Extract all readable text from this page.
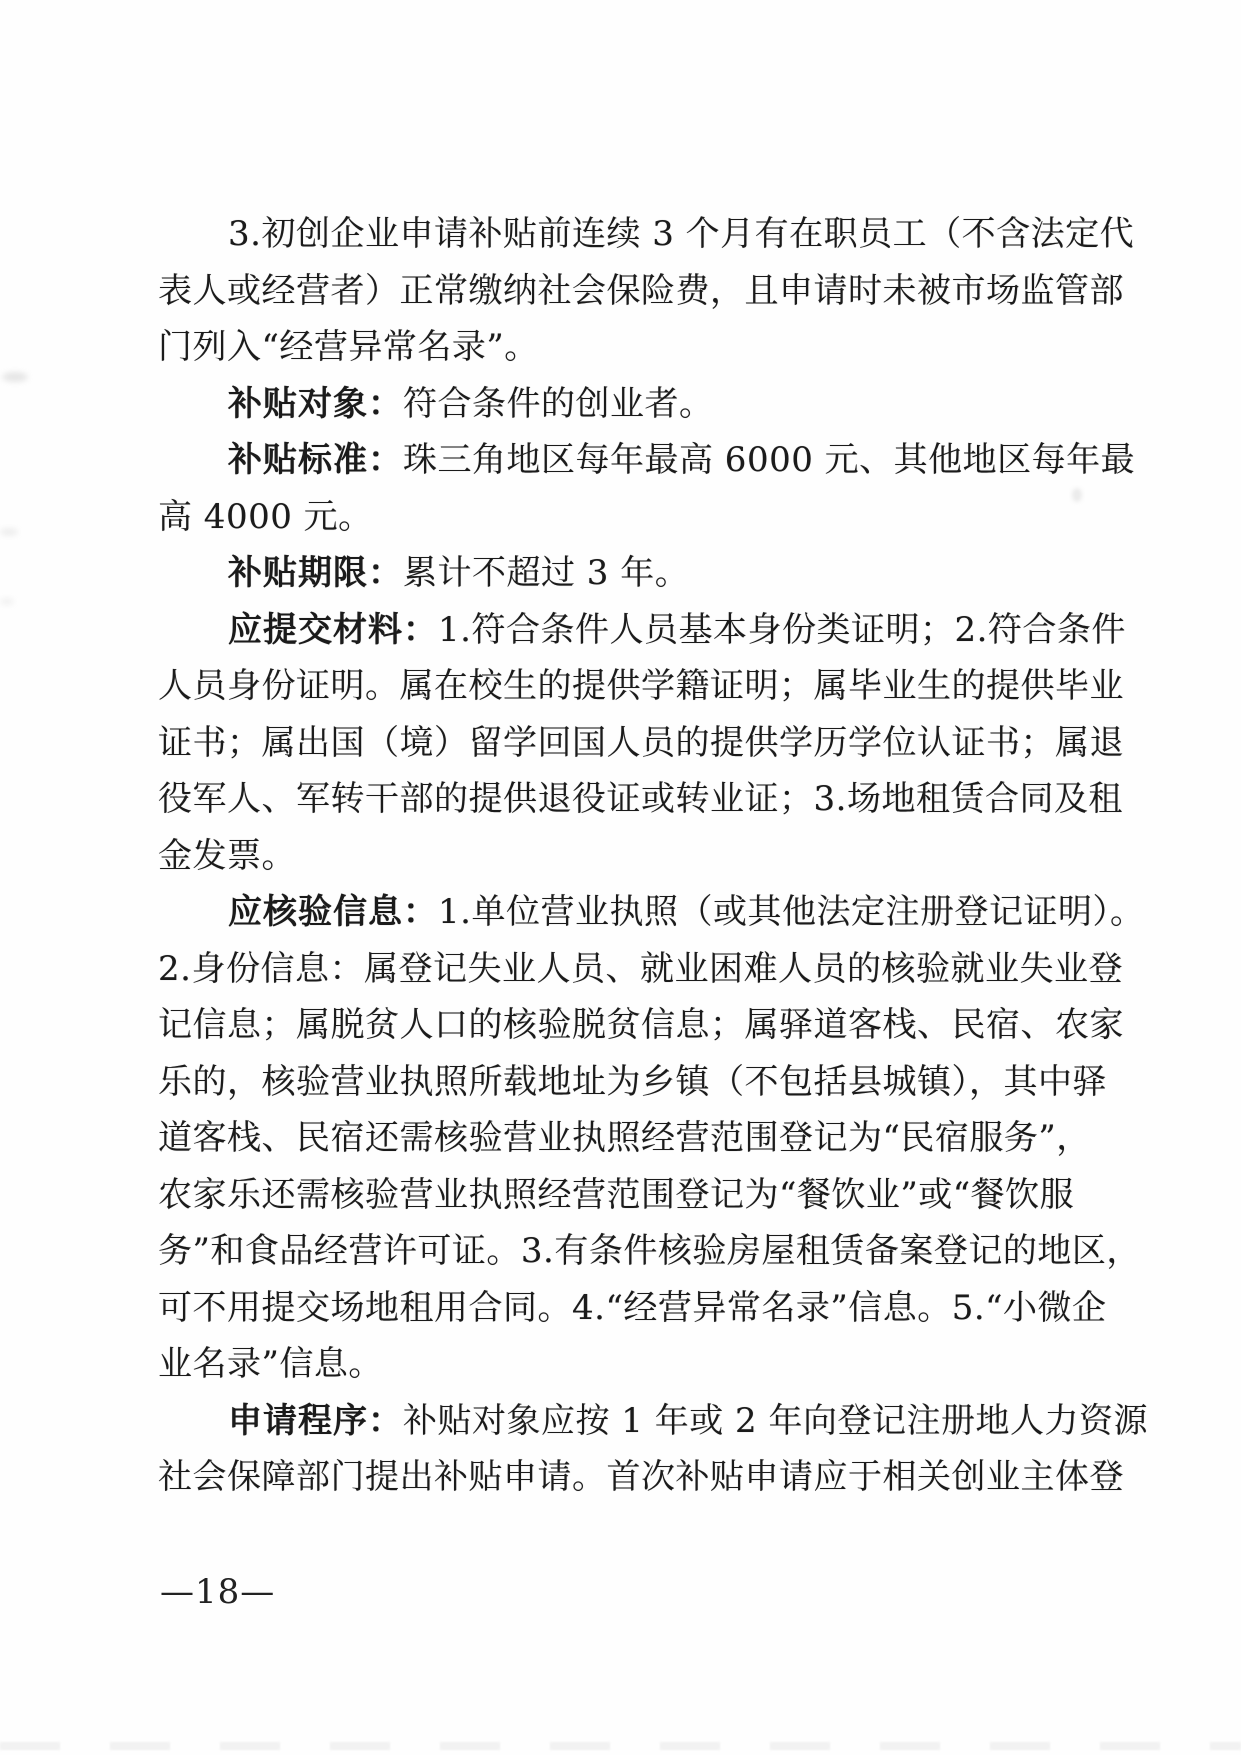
3.初创企业申请补贴前连续 3 个月有在职员工（不含法定代
表人或经营者）正常缴纳社会保险费，且申请时未被市场监管部
门列入“经营异常名录”。
补贴对象：符合条件的创业者。
补贴标准：珠三角地区每年最高 6000 元、其他地区每年最
高 4000 元。
补贴期限：累计不超过 3 年。
应提交材料：1.符合条件人员基本身份类证明；2.符合条件
人员身份证明。属在校生的提供学籍证明；属毕业生的提供毕业
证书；属出国（境）留学回国人员的提供学历学位认证书；属退
役军人、军转干部的提供退役证或转业证；3.场地租赁合同及租
金发票。
应核验信息：1.单位营业执照（或其他法定注册登记证明）。
2.身份信息：属登记失业人员、就业困难人员的核验就业失业登
记信息；属脱贫人口的核验脱贫信息；属驿道客栈、民宿、农家
乐的，核验营业执照所载地址为乡镇（不包括县城镇），其中驿
道客栈、民宿还需核验营业执照经营范围登记为“民宿服务”，
农家乐还需核验营业执照经营范围登记为“餐饮业”或“餐饮服
务”和食品经营许可证。3.有条件核验房屋租赁备案登记的地区，
可不用提交场地租用合同。4.“经营异常名录”信息。5.“小微企
业名录”信息。
申请程序：补贴对象应按 1 年或 2 年向登记注册地人力资源
社会保障部门提出补贴申请。首次补贴申请应于相关创业主体登
—18—
